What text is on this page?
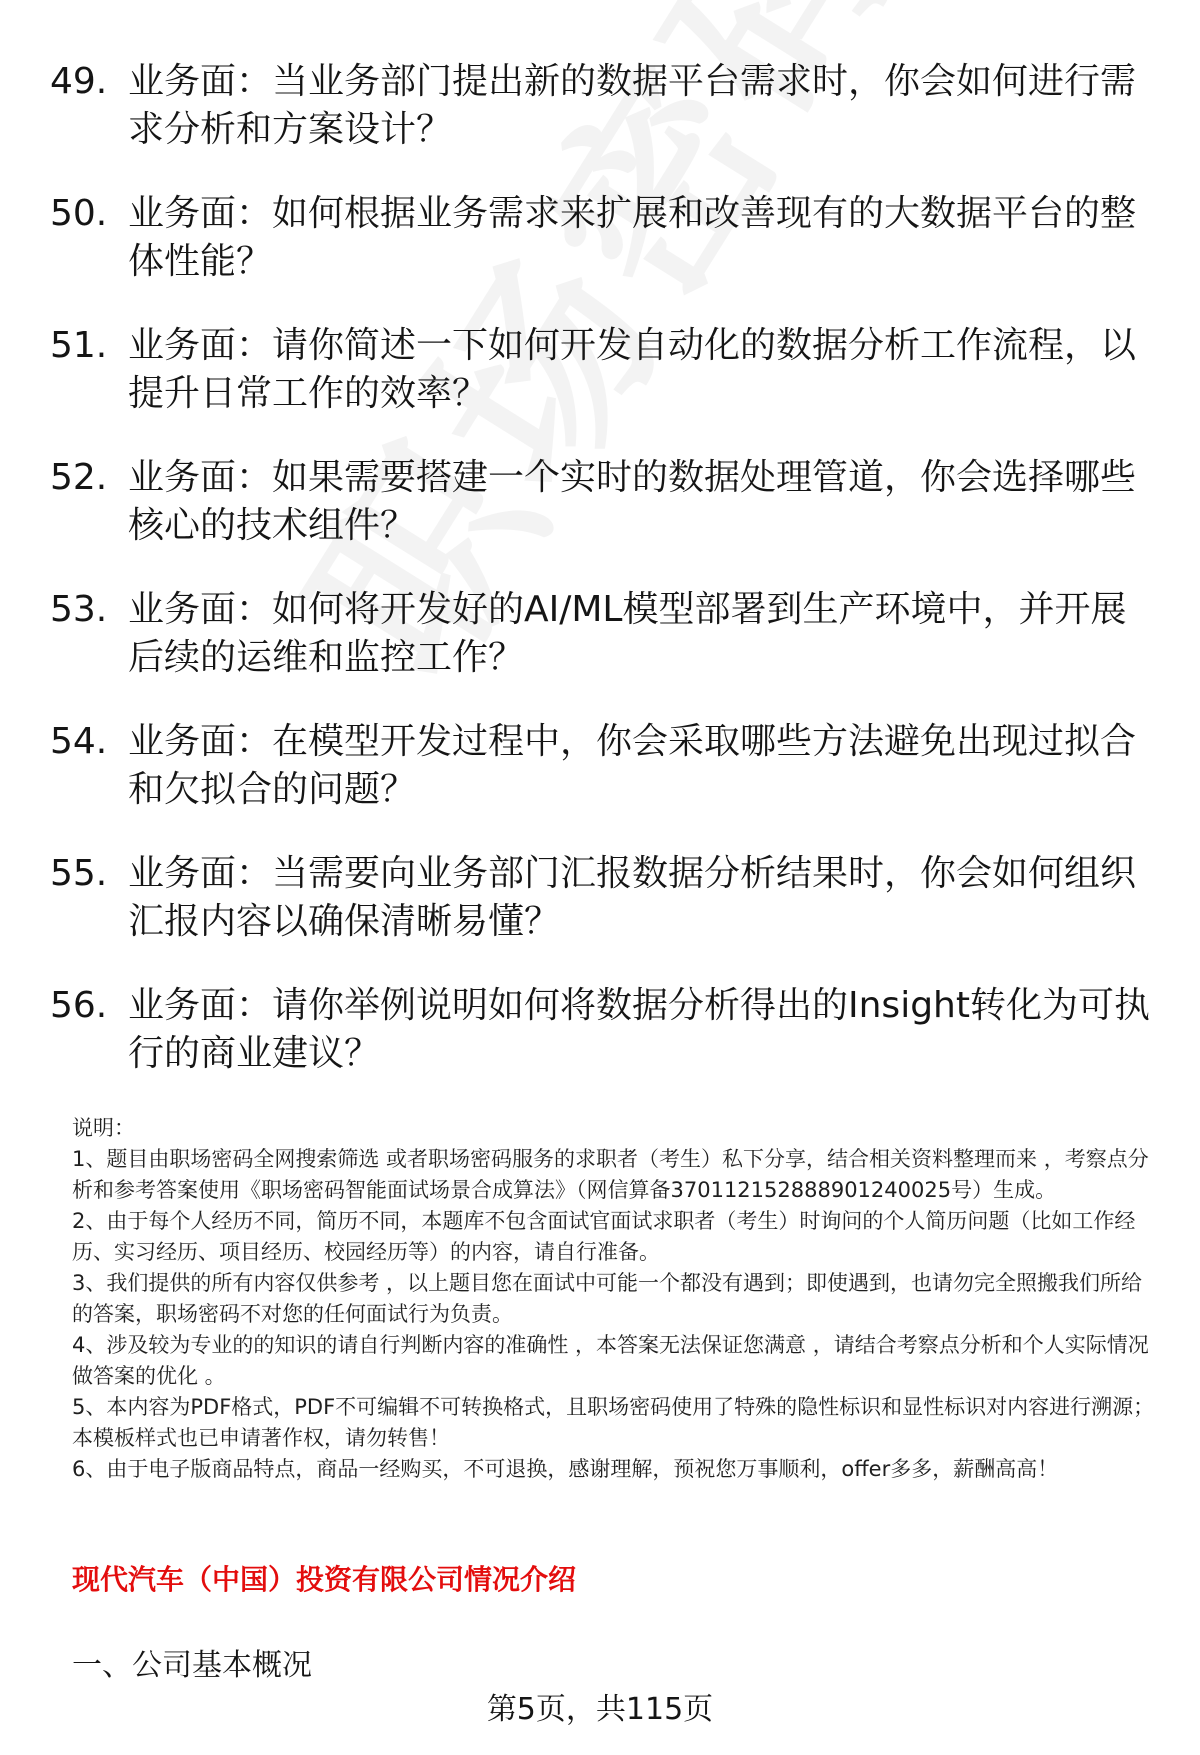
49. 业务面：当业务部门提出新的数据平台需求时，你会如何进行需求分析和方案设计？
50. 业务面：如何根据业务需求来扩展和改善现有的大数据平台的整体性能？
51. 业务面：请你简述一下如何开发自动化的数据分析工作流程，以提升日常工作的效率？
52. 业务面：如果需要搭建一个实时的数据处理管道，你会选择哪些核心的技术组件？
53. 业务面：如何将开发好的AI/ML模型部署到生产环境中，并开展后续的运维和监控工作？
54. 业务面：在模型开发过程中，你会采取哪些方法避免出现过拟合和欠拟合的问题？
55. 业务面：当需要向业务部门汇报数据分析结果时，你会如何组织汇报内容以确保清晰易懂？
56. 业务面：请你举例说明如何将数据分析得出的Insight转化为可执行的商业建议？

说明：

1、题目由职场密码全网搜索筛选 或者职场密码服务的求职者（考生）私下分享，结合相关资料整理而来 ，考察点分析和参考答案使用《职场密码智能面试场景合成算法》（网信算备370112152888901240025号）生成。

2、由于每个人经历不同，简历不同，本题库不包含面试官面试求职者（考生）时询问的个人简历问题（比如工作经历、实习经历、项目经历、校园经历等）的内容，请自行准备。

3、我们提供的所有内容仅供参考 ，以上题目您在面试中可能一个都没有遇到；即使遇到，也请勿完全照搬我们所给的答案，职场密码不对您的任何面试行为负责。

4、涉及较为专业的的知识的请自行判断内容的准确性 ，本答案无法保证您满意 ，请结合考察点分析和个人实际情况做答案的优化 。

5、本内容为PDF格式，PDF不可编辑不可转换格式，且职场密码使用了特殊的隐性标识和显性标识对内容进行溯源；本模板样式也已申请著作权，请勿转售！

6、由于电子版商品特点，商品一经购买，不可退换，感谢理解，预祝您万事顺利，offer多多，薪酬高高！

现代汽车（中国）投资有限公司情况介绍
一、公司基本概况
第5页，共115页
